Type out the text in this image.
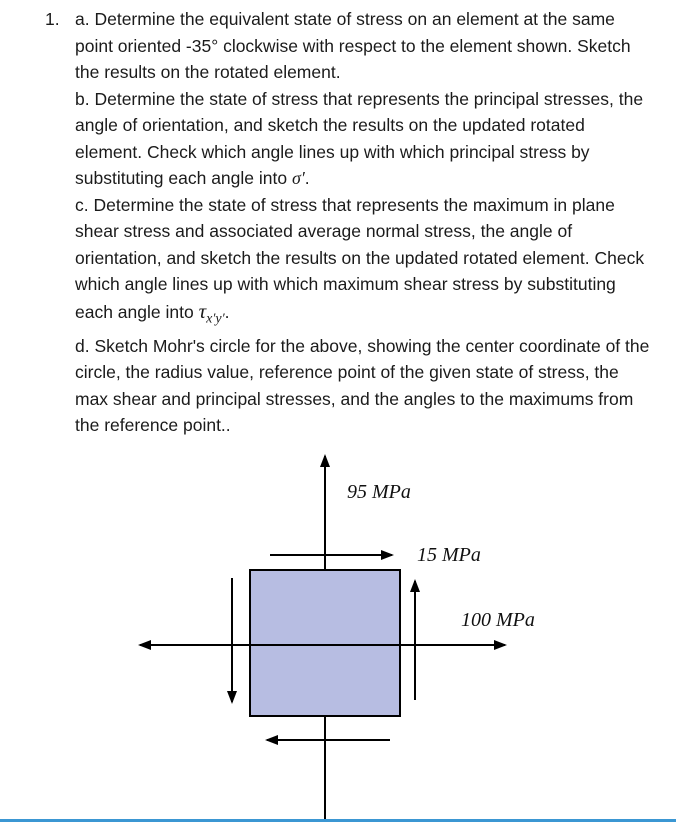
1. a. Determine the equivalent state of stress on an element at the same point oriented -35° clockwise with respect to the element shown. Sketch the results on the rotated element.

b. Determine the state of stress that represents the principal stresses, the angle of orientation, and sketch the results on the updated rotated element. Check which angle lines up with which principal stress by substituting each angle into σ′.

c. Determine the state of stress that represents the maximum in plane shear stress and associated average normal stress, the angle of orientation, and sketch the results on the updated rotated element. Check which angle lines up with which maximum shear stress by substituting each angle into $\tau_{x'y'}$.

d. Sketch Mohr's circle for the above, showing the center coordinate of the circle, the radius value, reference point of the given state of stress, the max shear and principal stresses, and the angles to the maximums from the reference point..

95 MPa
15 MPa
100 MPa
